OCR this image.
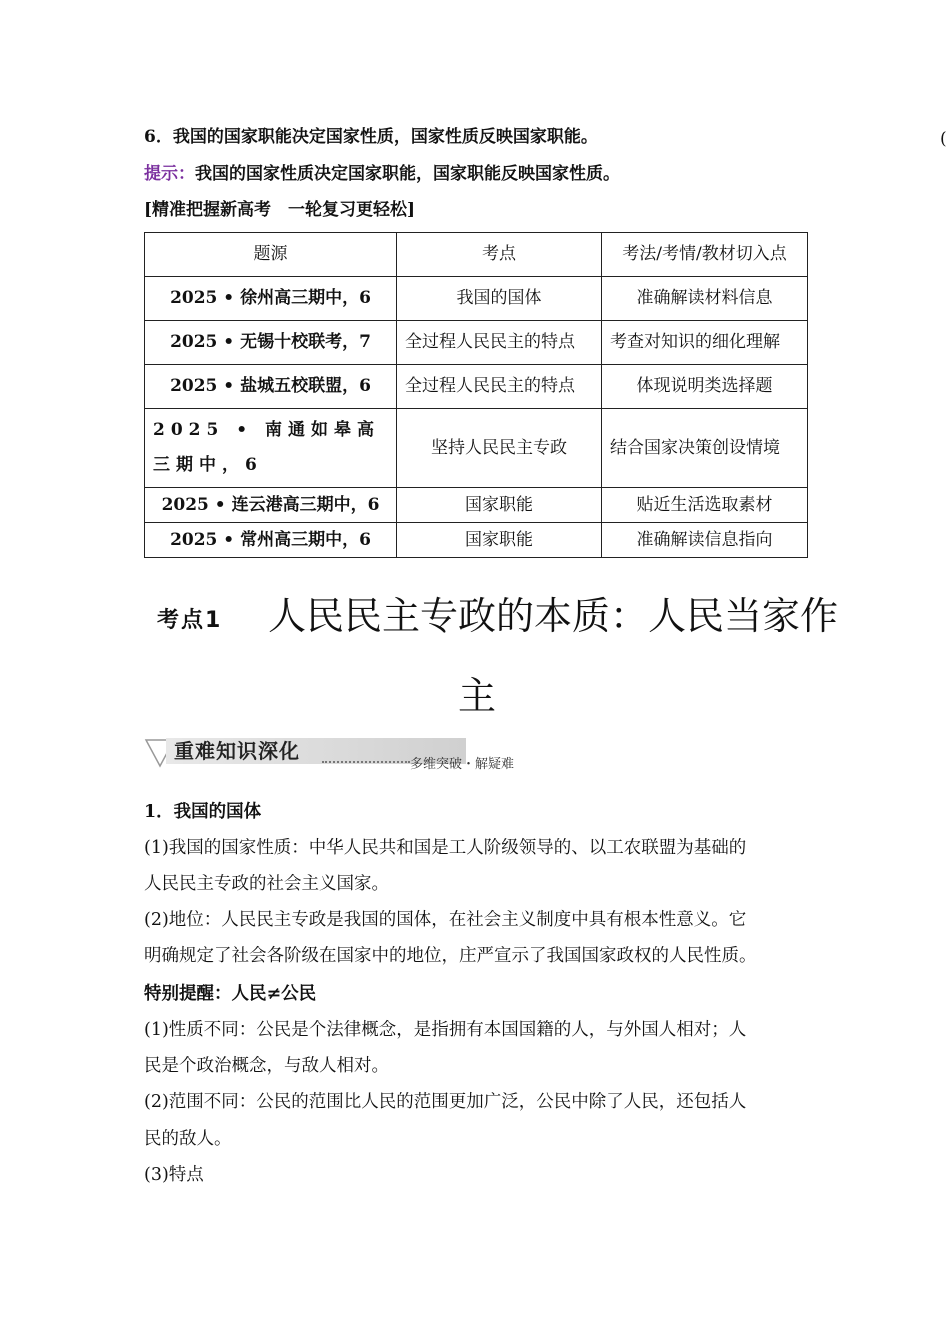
6．我国的国家职能决定国家性质，国家性质反映国家职能。	(
提示：我国的国家性质决定国家职能，国家职能反映国家性质。
[精准把握新高考　一轮复习更轻松]
题源	考点	考法/考情/教材切入点
2025 • 徐州高三期中，6	我国的国体	准确解读材料信息
2025 • 无锡十校联考，7	全过程人民民主的特点	考查对知识的细化理解
2025 • 盐城五校联盟，6	全过程人民民主的特点	体现说明类选择题
2025 • 南通如皋高三期中，6	坚持人民民主专政	结合国家决策创设情境
2025 • 连云港高三期中，6	国家职能	贴近生活选取素材
2025 • 常州高三期中，6	国家职能	准确解读信息指向
考点1 人民民主专政的本质：人民当家作
主
重难知识深化
多维突破・解疑难
1．我国的国体
(1)我国的国家性质：中华人民共和国是工人阶级领导的、以工农联盟为基础的
人民民主专政的社会主义国家。
(2)地位：人民民主专政是我国的国体，在社会主义制度中具有根本性意义。它
明确规定了社会各阶级在国家中的地位，庄严宣示了我国国家政权的人民性质。
特别提醒：人民≠公民
(1)性质不同：公民是个法律概念，是指拥有本国国籍的人，与外国人相对；人
民是个政治概念，与敌人相对。
(2)范围不同：公民的范围比人民的范围更加广泛，公民中除了人民，还包括人
民的敌人。
(3)特点
